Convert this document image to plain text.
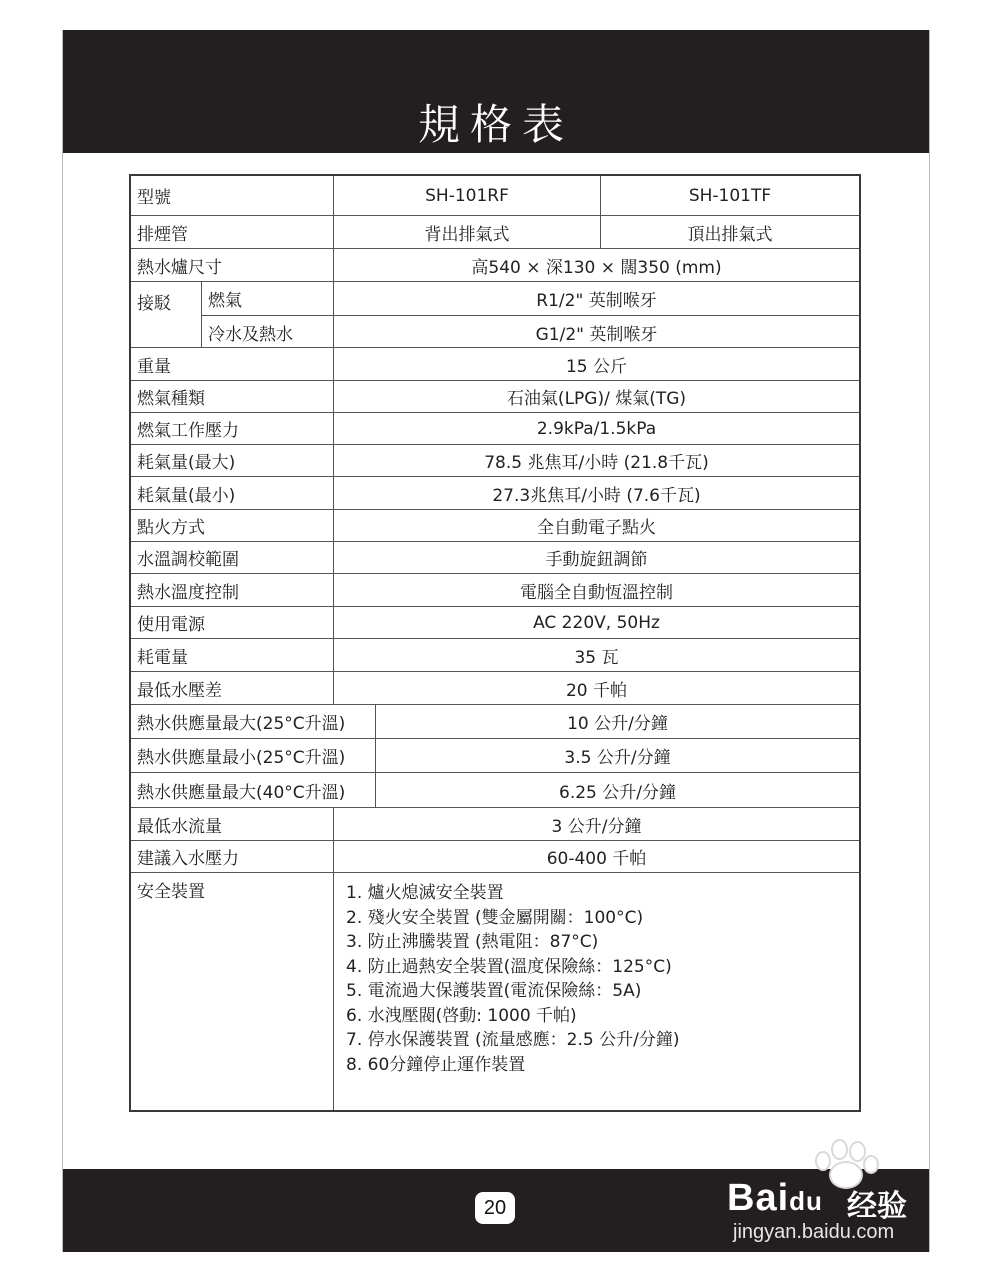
規格表
20	Baidu 经验
jingyan.baidu.com
型號	SH-101RF	SH-101TF
排煙管	背出排氣式	頂出排氣式
熱水爐尺寸	高540 × 深130 × 闊350 (mm)
接駁	燃氣	R1/2" 英制喉牙
冷水及熱水	G1/2" 英制喉牙
重量	15 公斤
燃氣種類	石油氣(LPG)/ 煤氣(TG)
燃氣工作壓力	2.9kPa/1.5kPa
耗氣量(最大)	78.5 兆焦耳/小時 (21.8千瓦)
耗氣量(最小)	27.3兆焦耳/小時 (7.6千瓦)
點火方式	全自動電子點火
水溫調校範圍	手動旋鈕調節
熱水溫度控制	電腦全自動恆溫控制
使用電源	AC 220V, 50Hz
耗電量	35 瓦
最低水壓差	20 千帕
熱水供應量最大(25°C升溫)	10 公升/分鐘
熱水供應量最小(25°C升溫)	3.5 公升/分鐘
熱水供應量最大(40°C升溫)	6.25 公升/分鐘
最低水流量	3 公升/分鐘
建議入水壓力	60-400 千帕
安全裝置	1. 爐火熄滅安全裝置
2. 殘火安全裝置 (雙金屬開關：100°C)
3. 防止沸騰裝置 (熱電阻：87°C)
4. 防止過熱安全裝置(溫度保險絲：125°C)
5. 電流過大保護裝置(電流保險絲：5A)
6. 水洩壓閥(啓動: 1000 千帕)
7. 停水保護裝置 (流量感應：2.5 公升/分鐘)
8. 60分鐘停止運作裝置
